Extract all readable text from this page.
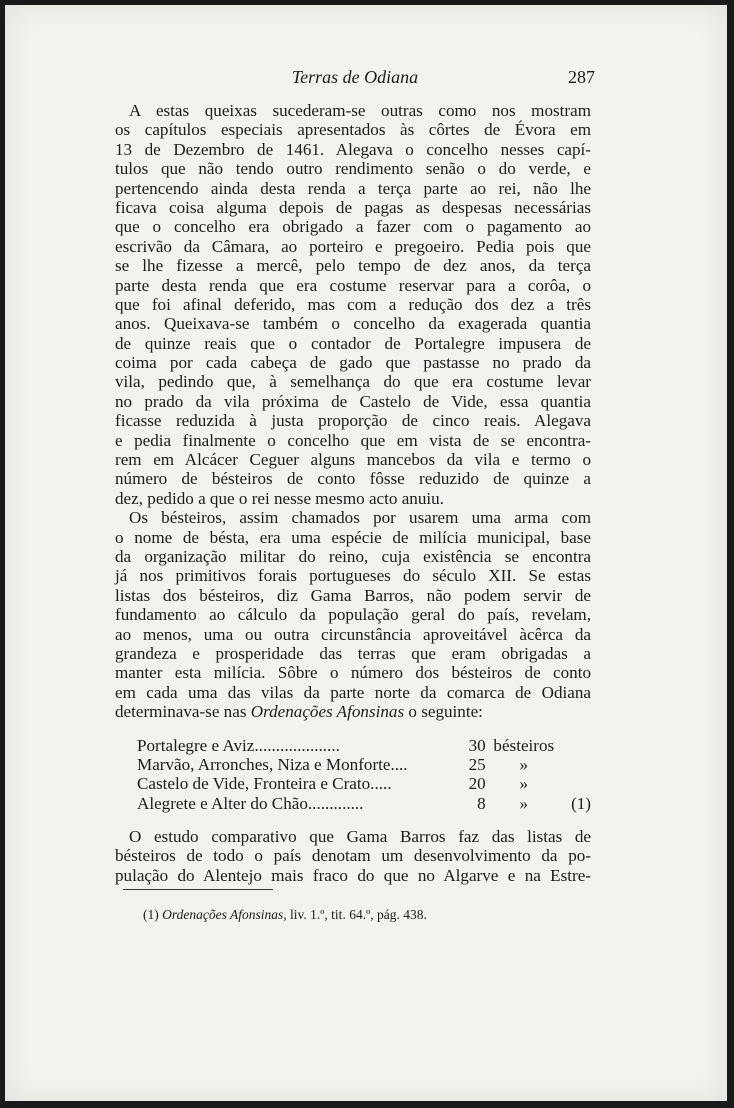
Terras de Odiana	287
A estas queixas sucederam-se outras como nos mostram
os capítulos especiais apresentados às côrtes de Évora em
13 de Dezembro de 1461. Alegava o concelho nesses capí-
tulos que não tendo outro rendimento senão o do verde, e
pertencendo ainda desta renda a terça parte ao rei, não lhe
ficava coisa alguma depois de pagas as despesas necessárias
que o concelho era obrigado a fazer com o pagamento ao
escrivão da Câmara, ao porteiro e pregoeiro. Pedia pois que
se lhe fizesse a mercê, pelo tempo de dez anos, da terça
parte desta renda que era costume reservar para a corôa, o
que foi afinal deferido, mas com a redução dos dez a três
anos. Queixava-se também o concelho da exagerada quantia
de quinze reais que o contador de Portalegre impusera de
coima por cada cabeça de gado que pastasse no prado da
vila, pedindo que, à semelhança do que era costume levar
no prado da vila próxima de Castelo de Vide, essa quantia
ficasse reduzida à justa proporção de cinco reais. Alegava
e pedia finalmente o concelho que em vista de se encontra-
rem em Alcácer Ceguer alguns mancebos da vila e termo o
número de bésteiros de conto fôsse reduzido de quinze a
dez, pedido a que o rei nesse mesmo acto anuiu.
Os bésteiros, assim chamados por usarem uma arma com
o nome de bésta, era uma espécie de milícia municipal, base
da organização militar do reino, cuja existência se encontra
já nos primitivos forais portugueses do século XII. Se estas
listas dos bésteiros, diz Gama Barros, não podem servir de
fundamento ao cálculo da população geral do país, revelam,
ao menos, uma ou outra circunstância aproveitável àcêrca da
grandeza e prosperidade das terras que eram obrigadas a
manter esta milícia. Sôbre o número dos bésteiros de conto
em cada uma das vilas da parte norte da comarca de Odiana
determinava-se nas Ordenações Afonsinas o seguinte:
Portalegre e Aviz....................	30 bésteiros
Marvão, Arronches, Niza e Monforte....	25	»
Castelo de Vide, Fronteira e Crato.....	20	»
Alegrete e Alter do Chão.............	8	»	(1)
O estudo comparativo que Gama Barros faz das listas de
bésteiros de todo o país denotam um desenvolvimento da po-
pulação do Alentejo mais fraco do que no Algarve e na Estre-
(1) Ordenações Afonsinas, liv. 1.º, tit. 64.º, pág. 438.
